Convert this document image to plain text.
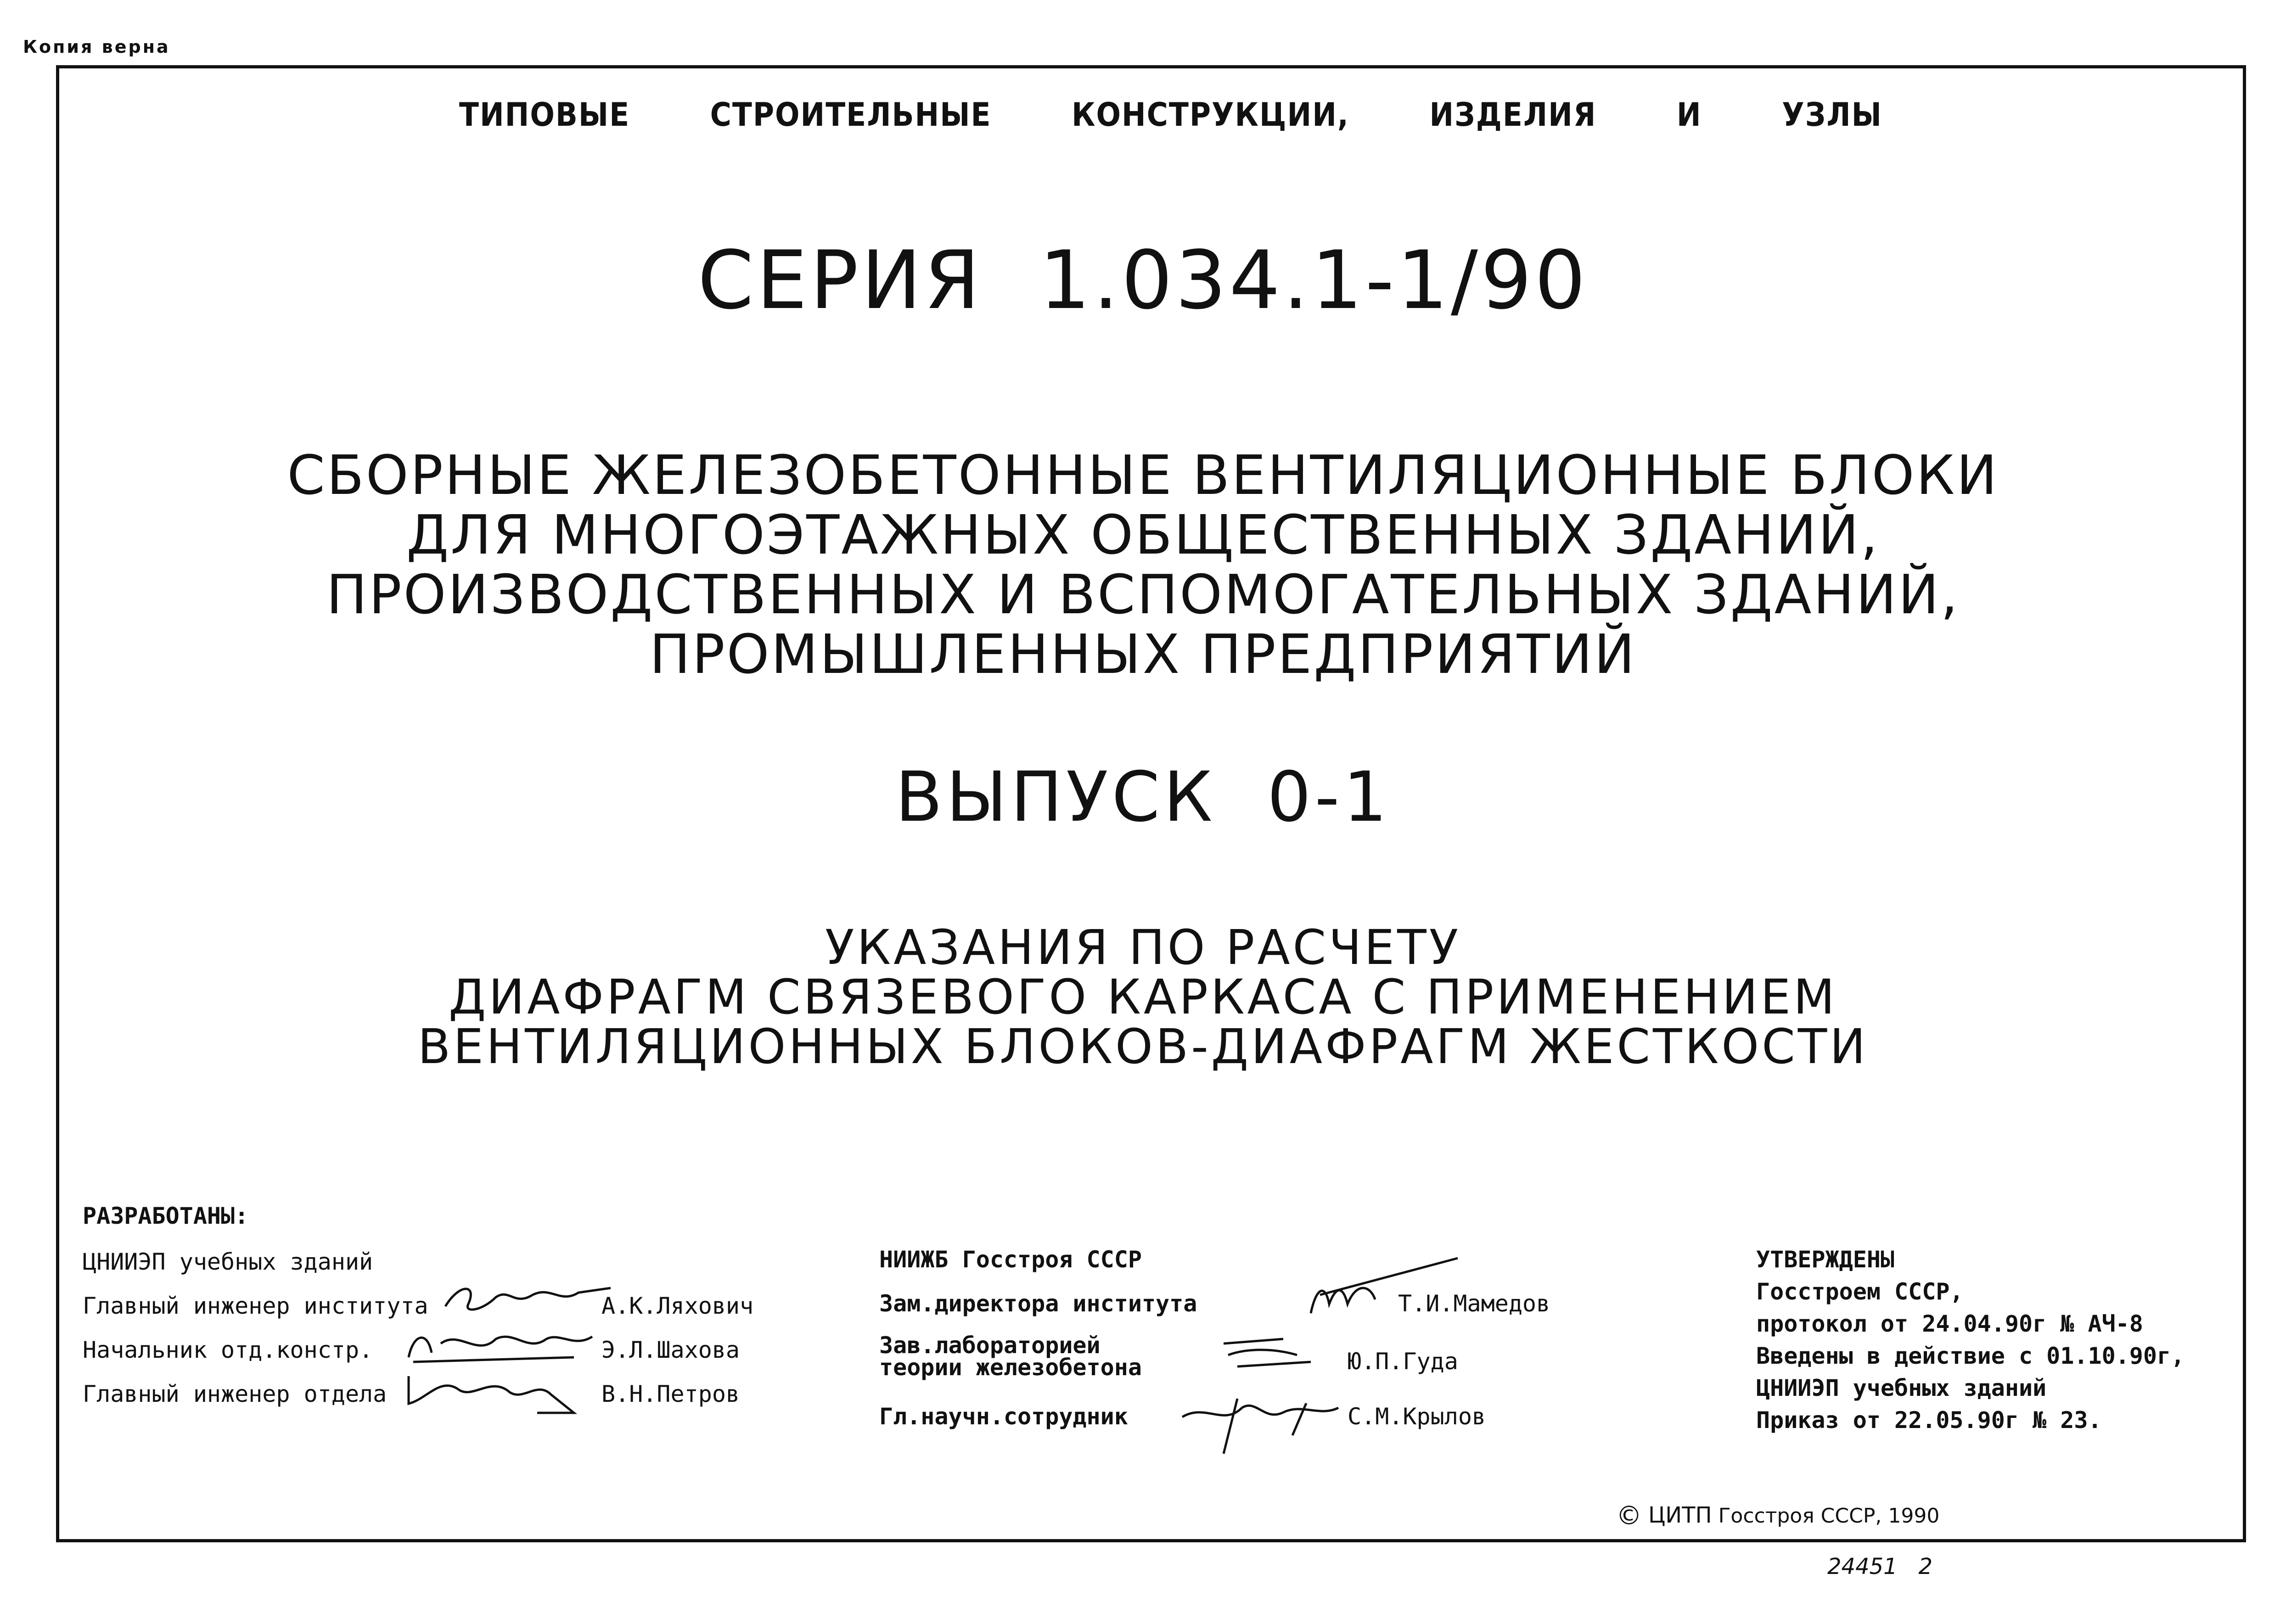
Копия верна
ТИПОВЫЕ СТРОИТЕЛЬНЫЕ КОНСТРУКЦИИ, ИЗДЕЛИЯ И УЗЛЫ
СЕРИЯ  1.034.1-1/90
СБОРНЫЕ ЖЕЛЕЗОБЕТОННЫЕ ВЕНТИЛЯЦИОННЫЕ БЛОКИ
ДЛЯ МНОГОЭТАЖНЫХ ОБЩЕСТВЕННЫХ ЗДАНИЙ,
ПРОИЗВОДСТВЕННЫХ И ВСПОМОГАТЕЛЬНЫХ ЗДАНИЙ,
ПРОМЫШЛЕННЫХ ПРЕДПРИЯТИЙ
ВЫПУСК  0-1
УКАЗАНИЯ ПО РАСЧЕТУ
ДИАФРАГМ СВЯЗЕВОГО КАРКАСА С ПРИМЕНЕНИЕМ
ВЕНТИЛЯЦИОННЫХ БЛОКОВ-ДИАФРАГМ ЖЕСТКОСТИ
РАЗРАБОТАНЫ:
ЦНИИЭП учебных зданий
Главный инженер института	А.К.Ляхович
Начальник отд.констр.	Э.Л.Шахова
Главный инженер отдела	В.Н.Петров
НИИЖБ Госстроя СССР
Зам.директора института	Т.И.Мамедов
Зав.лабораторией
теории железобетона	Ю.П.Гуда
Гл.научн.сотрудник	С.М.Крылов
УТВЕРЖДЕНЫ
Госстроем СССР,
протокол от 24.04.90г № АЧ-8
Введены в действие с 01.10.90г,
ЦНИИЭП учебных зданий
Приказ от 22.05.90г № 23.
© ЦИТП Госстроя СССР, 1990
24451   2
